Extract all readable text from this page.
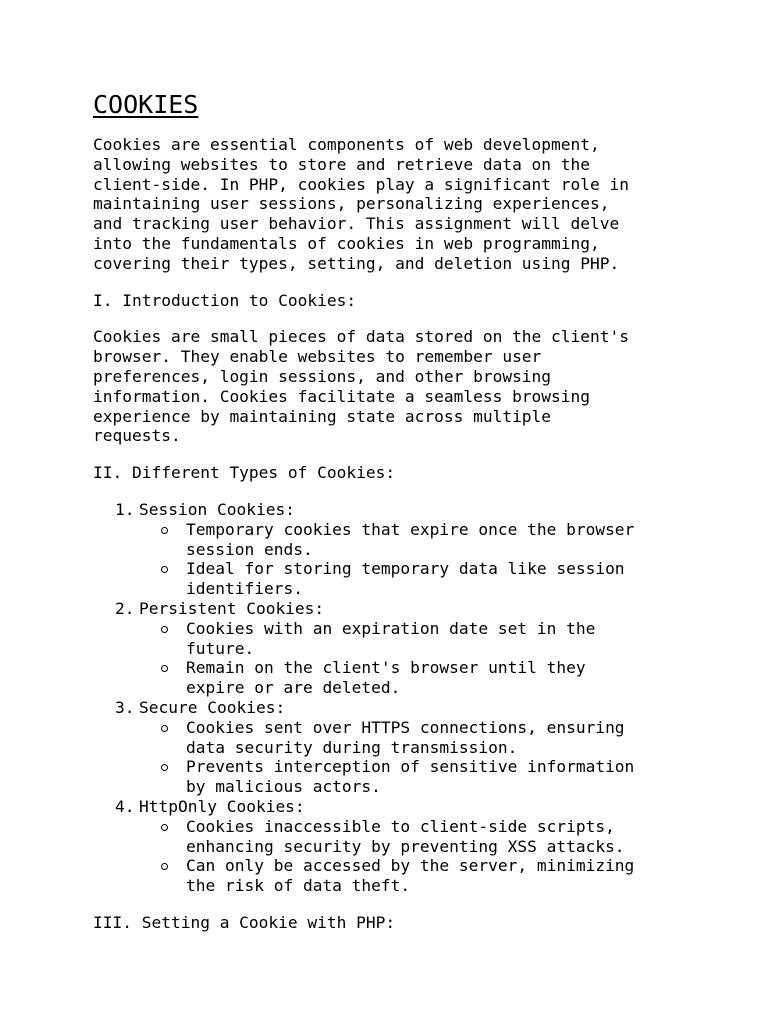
COOKIES

Cookies are essential components of web development,
allowing websites to store and retrieve data on the
client-side. In PHP, cookies play a significant role in
maintaining user sessions, personalizing experiences,
and tracking user behavior. This assignment will delve
into the fundamentals of cookies in web programming,
covering their types, setting, and deletion using PHP.

I. Introduction to Cookies:

Cookies are small pieces of data stored on the client's
browser. They enable websites to remember user
preferences, login sessions, and other browsing
information. Cookies facilitate a seamless browsing
experience by maintaining state across multiple
requests.

II. Different Types of Cookies:
1. Session Cookies:
Temporary cookies that expire once the browser
session ends.
Ideal for storing temporary data like session
identifiers.
2. Persistent Cookies:
Cookies with an expiration date set in the
future.
Remain on the client's browser until they
expire or are deleted.
3. Secure Cookies:
Cookies sent over HTTPS connections, ensuring
data security during transmission.
Prevents interception of sensitive information
by malicious actors.
4. HttpOnly Cookies:
Cookies inaccessible to client-side scripts,
enhancing security by preventing XSS attacks.
Can only be accessed by the server, minimizing
the risk of data theft.
III. Setting a Cookie with PHP:
